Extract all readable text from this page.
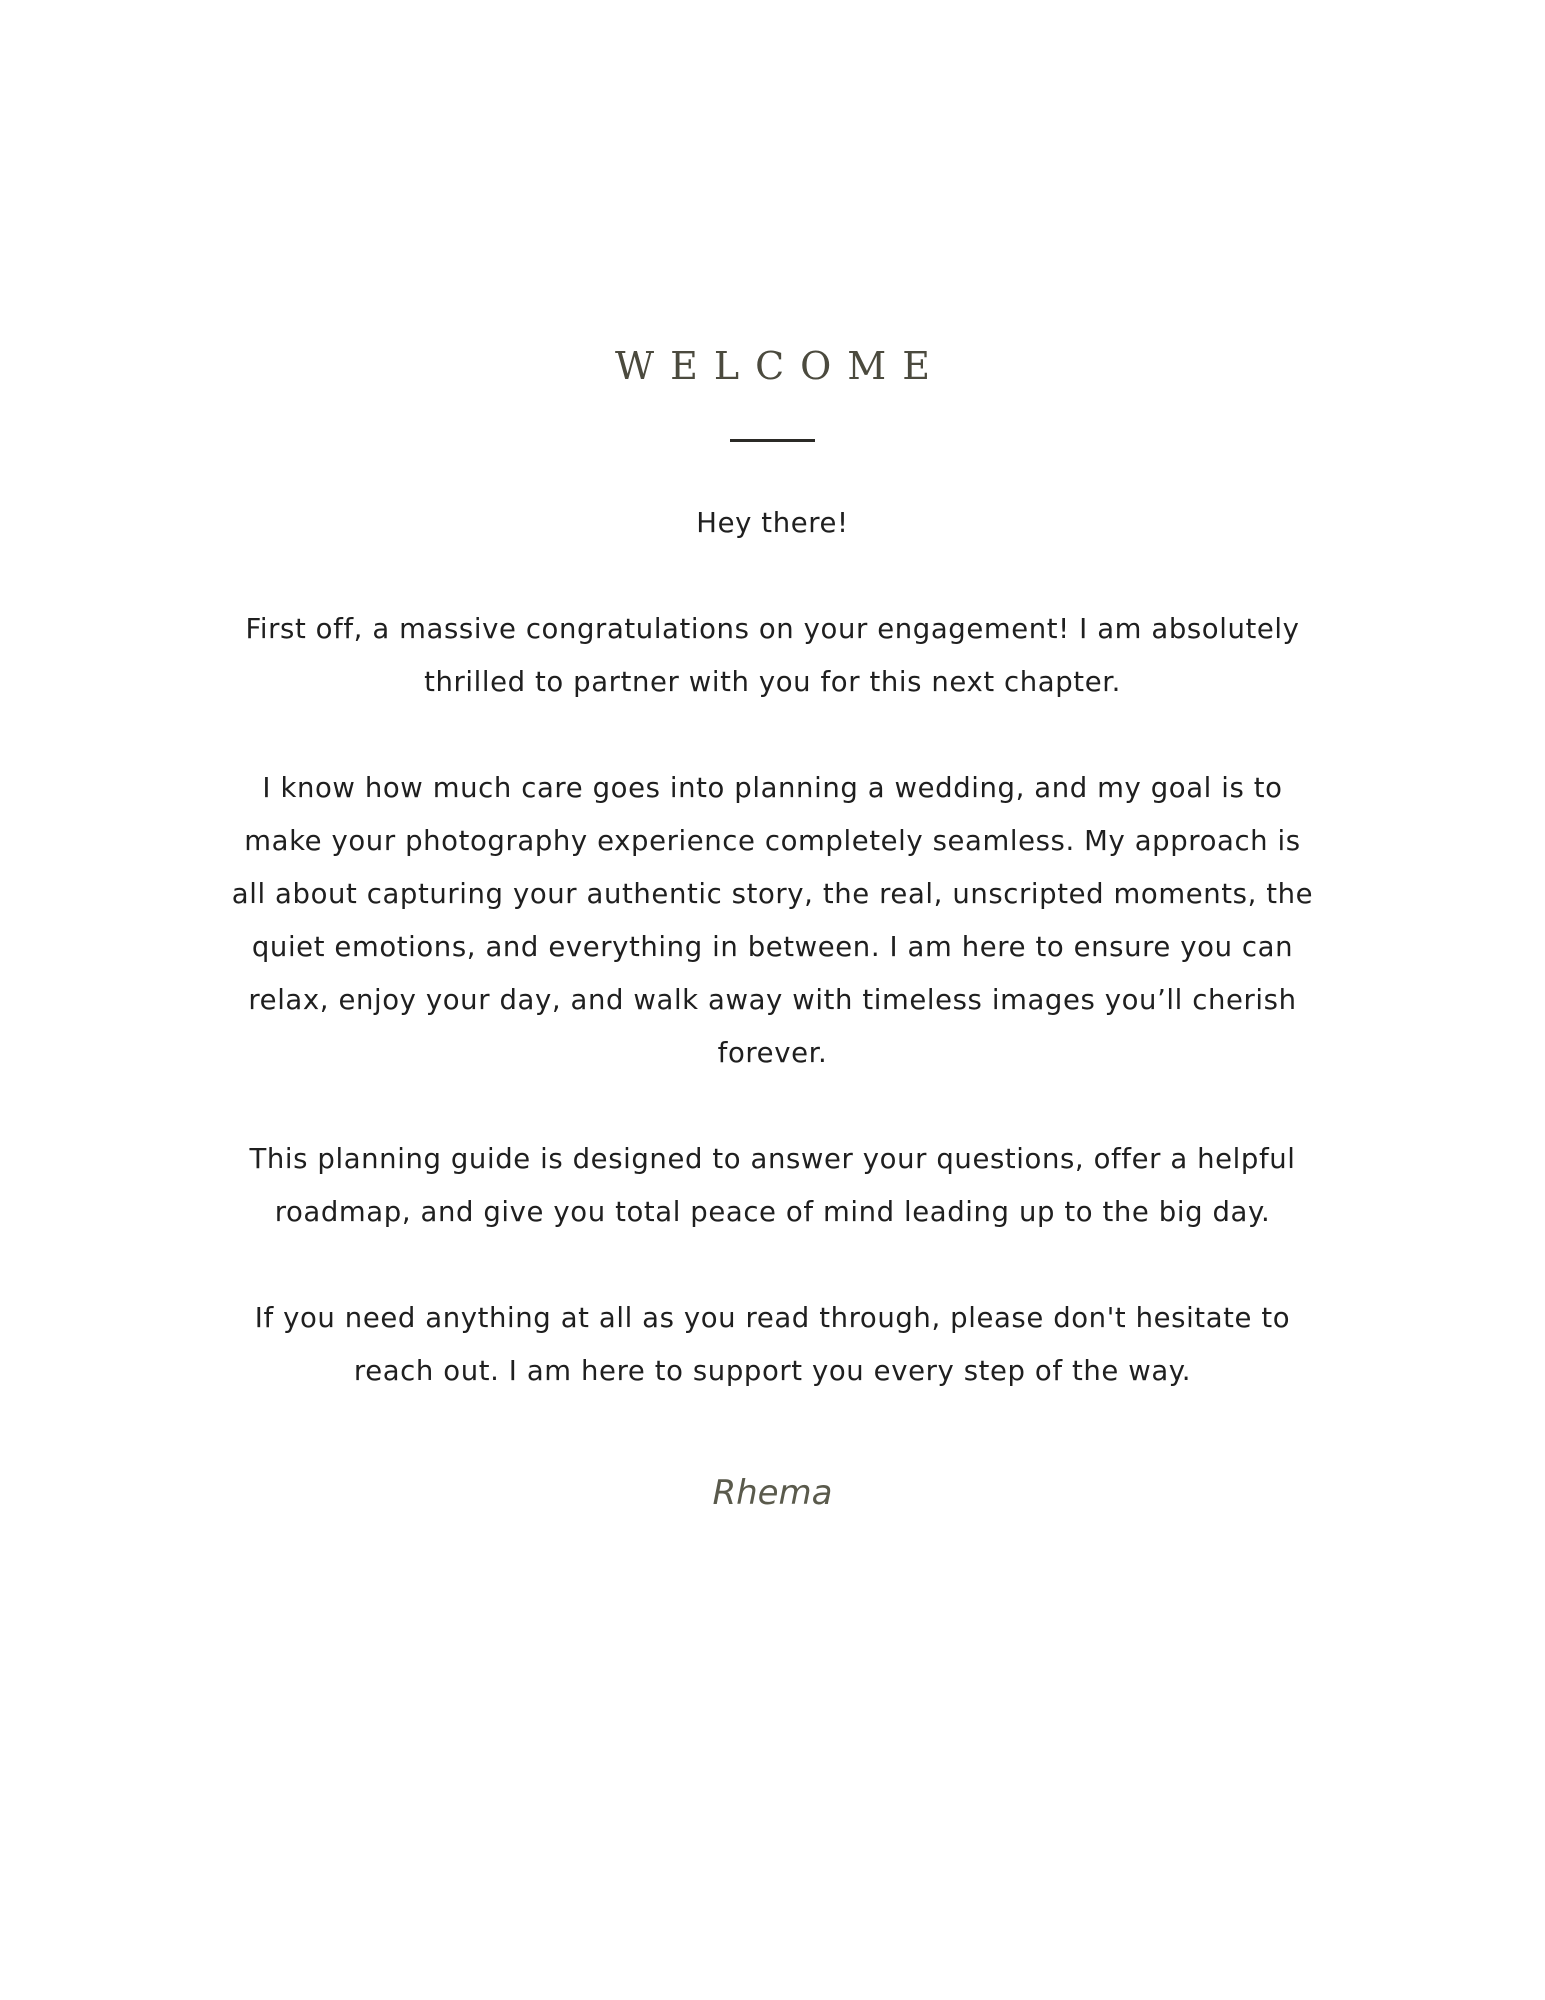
WELCOME

Hey there!

First off, a massive congratulations on your engagement! I am absolutely thrilled to partner with you for this next chapter.

I know how much care goes into planning a wedding, and my goal is to make your photography experience completely seamless. My approach is all about capturing your authentic story, the real, unscripted moments, the quiet emotions, and everything in between. I am here to ensure you can relax, enjoy your day, and walk away with timeless images you’ll cherish forever.

This planning guide is designed to answer your questions, offer a helpful roadmap, and give you total peace of mind leading up to the big day.

If you need anything at all as you read through, please don't hesitate to reach out. I am here to support you every step of the way.

Rhema
